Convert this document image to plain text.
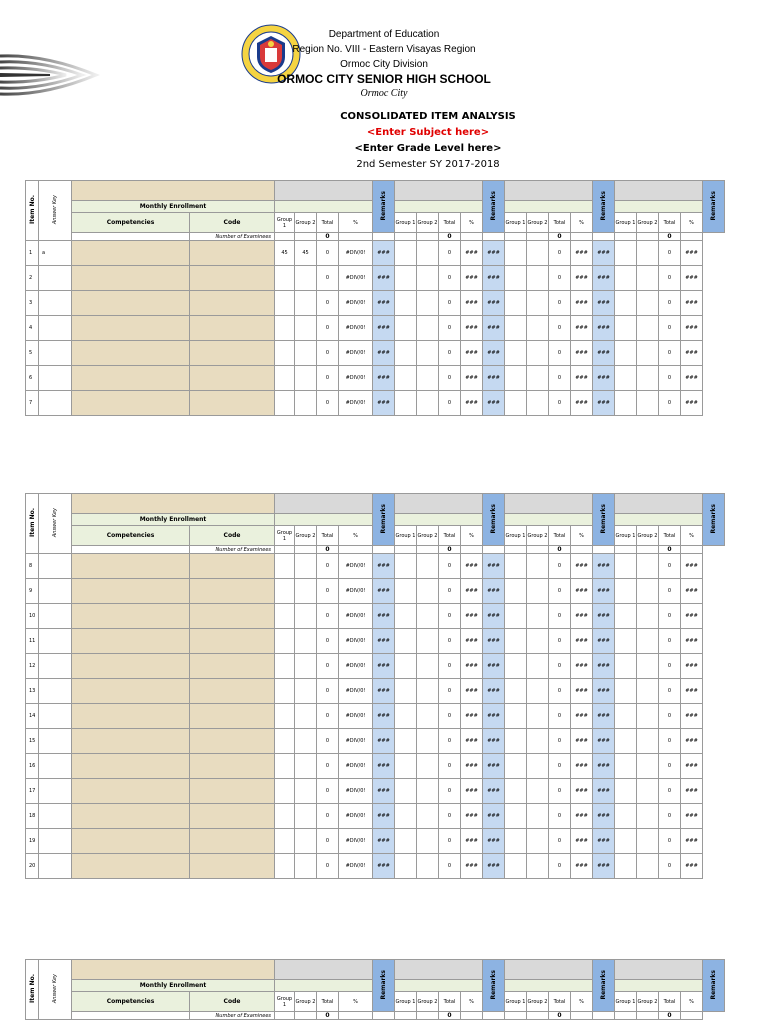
Department of Education
Region No. VIII - Eastern Visayas Region
Ormoc City Division
ORMOC CITY SENIOR HIGH SCHOOL
Ormoc City
CONSOLIDATED ITEM ANALYSIS
<Enter Subject here>
<Enter Grade Level here>
2nd Semester SY 2017-2018
Item No.	Answer Key							Remarks					Remarks					Remarks					Remarks
		Monthly Enrollment																					
		Competencies	Code	Group 1	Group 2	Total	%		Group 1	Group 2	Total	%		Group 1	Group 2	Total	%		Group 1	Group 2	Total	%	
			Number of Examinees			0					0					0					0		
1	a			45	45	0	#DIV/0!	###			0	###	###			0	###	###			0	###	
2						0	#DIV/0!	###			0	###	###			0	###	###			0	###	
3						0	#DIV/0!	###			0	###	###			0	###	###			0	###	
4						0	#DIV/0!	###			0	###	###			0	###	###			0	###	
5						0	#DIV/0!	###			0	###	###			0	###	###			0	###	
6						0	#DIV/0!	###			0	###	###			0	###	###			0	###	
7						0	#DIV/0!	###			0	###	###			0	###	###			0	###	
Item No.	Answer Key							Remarks					Remarks					Remarks					Remarks
		Monthly Enrollment																					
		Competencies	Code	Group 1	Group 2	Total	%		Group 1	Group 2	Total	%		Group 1	Group 2	Total	%		Group 1	Group 2	Total	%	
			Number of Examinees			0					0					0					0		
8						0	#DIV/0!	###			0	###	###			0	###	###			0	###	
9						0	#DIV/0!	###			0	###	###			0	###	###			0	###	
10						0	#DIV/0!	###			0	###	###			0	###	###			0	###	
11						0	#DIV/0!	###			0	###	###			0	###	###			0	###	
12						0	#DIV/0!	###			0	###	###			0	###	###			0	###	
13						0	#DIV/0!	###			0	###	###			0	###	###			0	###	
14						0	#DIV/0!	###			0	###	###			0	###	###			0	###	
15						0	#DIV/0!	###			0	###	###			0	###	###			0	###	
16						0	#DIV/0!	###			0	###	###			0	###	###			0	###	
17						0	#DIV/0!	###			0	###	###			0	###	###			0	###	
18						0	#DIV/0!	###			0	###	###			0	###	###			0	###	
19						0	#DIV/0!	###			0	###	###			0	###	###			0	###	
20						0	#DIV/0!	###			0	###	###			0	###	###			0	###	
Item No.	Answer Key							Remarks					Remarks					Remarks					Remarks
		Monthly Enrollment																					
		Competencies	Code	Group 1	Group 2	Total	%		Group 1	Group 2	Total	%		Group 1	Group 2	Total	%		Group 1	Group 2	Total	%	
			Number of Examinees			0					0					0					0		
